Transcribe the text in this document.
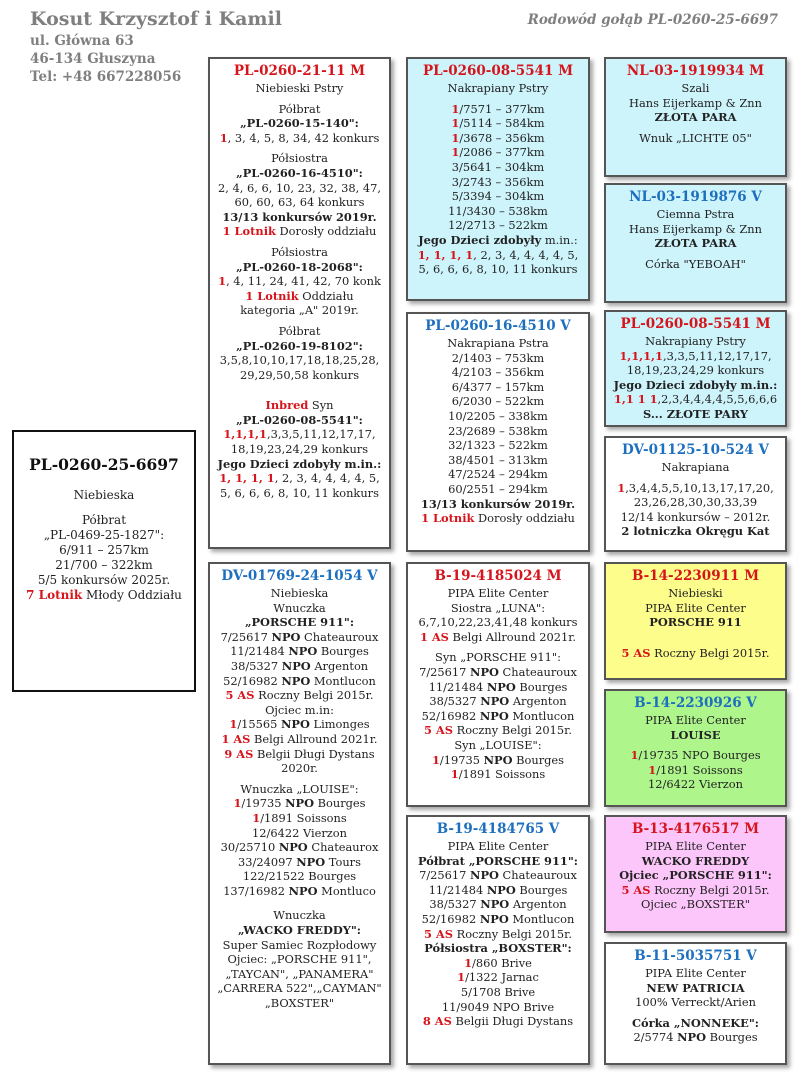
Kosut Krzysztof i Kamil
ul. Główna 63
46-134 Głuszyna
Tel: +48 667228056
Rodowód gołąb PL-0260-25-6697
PL-0260-25-6697
Niebieska
Półbrat
„PL-0469-25-1827":
6/911 – 257km
21/700 – 322km
5/5 konkursów 2025r.
7 Lotnik Młody Oddziału
PL-0260-21-11 M
Niebieski Pstry
Półbrat
„PL-0260-15-140":
1, 3, 4, 5, 8, 34, 42 konkurs
Półsiostra
„PL-0260-16-4510":
2, 4, 6, 6, 10, 23, 32, 38, 47,
60, 60, 63, 64 konkurs
13/13 konkursów 2019r.
1 Lotnik Dorosły oddziału
Półsiostra
„PL-0260-18-2068":
1, 4, 11, 24, 41, 42, 70 konk
1 Lotnik Oddziału
kategoria „A" 2019r.
Półbrat
„PL-0260-19-8102":
3,5,8,10,10,17,18,18,25,28,
29,29,50,58 konkurs
Inbred Syn
„PL-0260-08-5541":
1,1,1,1,3,3,5,11,12,17,17,
18,19,23,24,29 konkurs
Jego Dzieci zdobyły m.in.:
1, 1, 1, 1, 2, 3, 4, 4, 4, 4, 5,
5, 6, 6, 6, 8, 10, 11 konkurs
DV-01769-24-1054 V
Niebieska
Wnuczka
„PORSCHE 911":
7/25617 NPO Chateauroux
11/21484 NPO Bourges
38/5327 NPO Argenton
52/16982 NPO Montlucon
5 AS Roczny Belgi 2015r.
Ojciec m.in:
1/15565 NPO Limonges
1 AS Belgi Allround 2021r.
9 AS Belgii Długi Dystans
2020r.
Wnuczka „LOUISE":
1/19735 NPO Bourges
1/1891 Soissons
12/6422 Vierzon
30/25710 NPO Chateaurox
33/24097 NPO Tours
122/21522 Bourges
137/16982 NPO Montluco
Wnuczka
„WACKO FREDDY":
Super Samiec Rozpłodowy
Ojciec: „PORSCHE 911",
„TAYCAN", „PANAMERA"
„CARRERA 522",„CAYMAN"
„BOXSTER"
PL-0260-08-5541 M
Nakrapiany Pstry
1/7571 – 377km
1/5114 – 584km
1/3678 – 356km
1/2086 – 377km
3/5641 – 304km
3/2743 – 356km
5/3394 – 304km
11/3430 – 538km
12/2713 – 522km
Jego Dzieci zdobyły m.in.:
1, 1, 1, 1, 2, 3, 4, 4, 4, 4, 5,
5, 6, 6, 6, 8, 10, 11 konkurs
PL-0260-16-4510 V
Nakrapiana Pstra
2/1403 – 753km
4/2103 – 356km
6/4377 – 157km
6/2030 – 522km
10/2205 – 338km
23/2689 – 538km
32/1323 – 522km
38/4501 – 313km
47/2524 – 294km
60/2551 – 294km
13/13 konkursów 2019r.
1 Lotnik Dorosły oddziału
NL-03-1919934 M
Szali
Hans Eijerkamp & Znn
ZŁOTA PARA
Wnuk „LICHTE 05"
NL-03-1919876 V
Ciemna Pstra
Hans Eijerkamp & Znn
ZŁOTA PARA
Córka "YEBOAH"
PL-0260-08-5541 M
Nakrapiany Pstry
1,1,1,1,3,3,5,11,12,17,17,
18,19,23,24,29 konkurs
Jego Dzieci zdobyły m.in.:
1,1 1 1,2,3,4,4,4,4,5,5,6,6,6
S... ZŁOTE PARY
DV-01125-10-524 V
Nakrapiana
1,3,4,4,5,5,10,13,17,17,20,
23,26,28,30,30,33,39
12/14 konkursów – 2012r.
2 lotniczka Okręgu Kat
B-19-4185024 M
PIPA Elite Center
Siostra „LUNA":
6,7,10,22,23,41,48 konkurs
1 AS Belgi Allround 2021r.
Syn „PORSCHE 911":
7/25617 NPO Chateauroux
11/21484 NPO Bourges
38/5327 NPO Argenton
52/16982 NPO Montlucon
5 AS Roczny Belgi 2015r.
Syn „LOUISE":
1/19735 NPO Bourges
1/1891 Soissons
B-19-4184765 V
PIPA Elite Center
Półbrat „PORSCHE 911":
7/25617 NPO Chateauroux
11/21484 NPO Bourges
38/5327 NPO Argenton
52/16982 NPO Montlucon
5 AS Roczny Belgi 2015r.
Półsiostra „BOXSTER":
1/860 Brive
1/1322 Jarnac
5/1708 Brive
11/9049 NPO Brive
8 AS Belgii Długi Dystans
B-14-2230911 M
Niebieski
PIPA Elite Center
PORSCHE 911
5 AS Roczny Belgi 2015r.
B-14-2230926 V
PIPA Elite Center
LOUISE
1/19735 NPO Bourges
1/1891 Soissons
12/6422 Vierzon
B-13-4176517 M
PIPA Elite Center
WACKO FREDDY
Ojciec „PORSCHE 911":
5 AS Roczny Belgi 2015r.
Ojciec „BOXSTER"
B-11-5035751 V
PIPA Elite Center
NEW PATRICIA
100% Verreckt/Arien
Córka „NONNEKE":
2/5774 NPO Bourges
